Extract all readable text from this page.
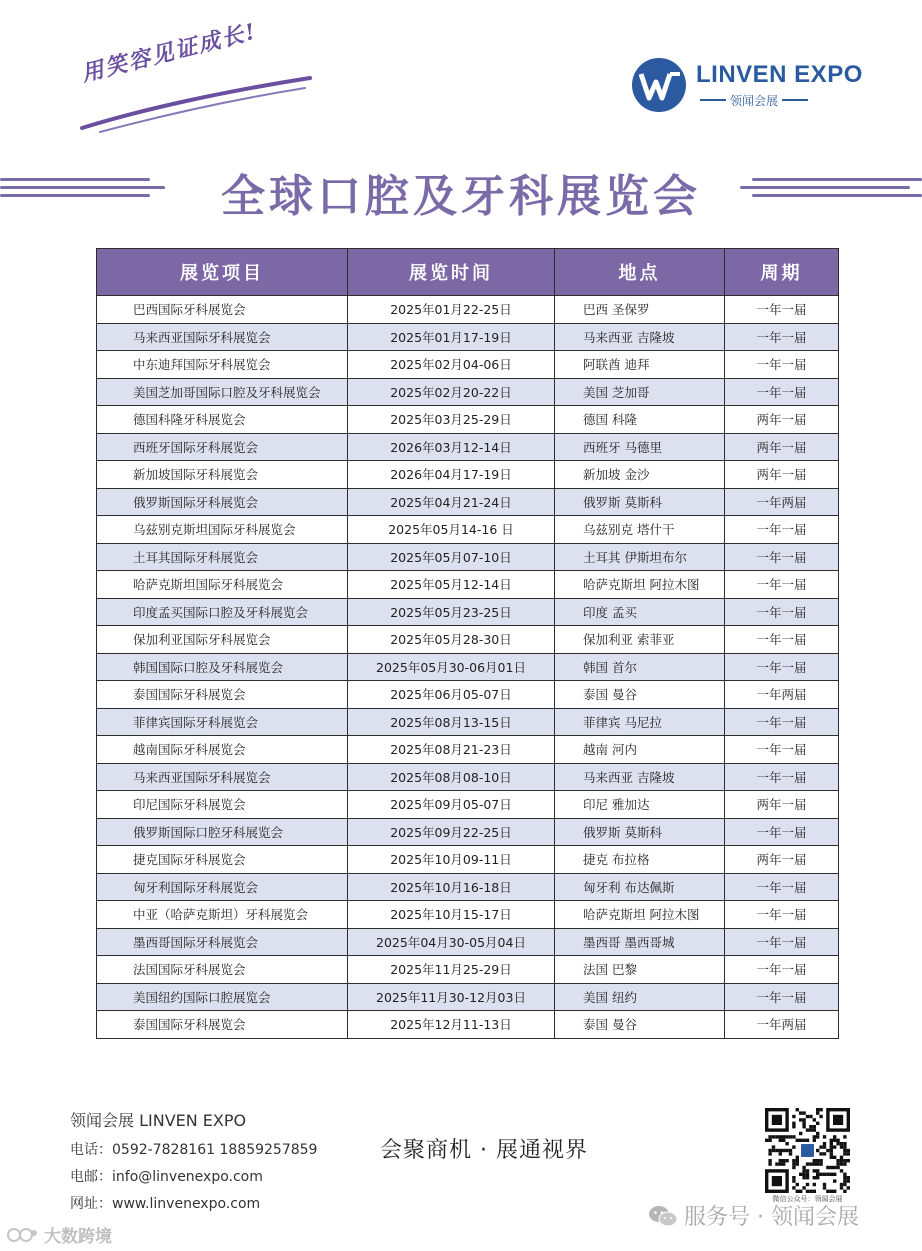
用笑容见证成长!	LINVEN EXPO
领闻会展
全球口腔及牙科展览会
展览项目	展览时间	地点	周期
巴西国际牙科展览会	2025年01月22-25日	巴西 圣保罗	一年一届
马来西亚国际牙科展览会	2025年01月17-19日	马来西亚 吉隆坡	一年一届
中东迪拜国际牙科展览会	2025年02月04-06日	阿联酋 迪拜	一年一届
美国芝加哥国际口腔及牙科展览会	2025年02月20-22日	美国 芝加哥	一年一届
德国科隆牙科展览会	2025年03月25-29日	德国 科隆	两年一届
西班牙国际牙科展览会	2026年03月12-14日	西班牙 马德里	两年一届
新加坡国际牙科展览会	2026年04月17-19日	新加坡 金沙	两年一届
俄罗斯国际牙科展览会	2025年04月21-24日	俄罗斯 莫斯科	一年两届
乌兹别克斯坦国际牙科展览会	2025年05月14-16 日	乌兹别克 塔什干	一年一届
土耳其国际牙科展览会	2025年05月07-10日	土耳其 伊斯坦布尔	一年一届
哈萨克斯坦国际牙科展览会	2025年05月12-14日	哈萨克斯坦 阿拉木图	一年一届
印度孟买国际口腔及牙科展览会	2025年05月23-25日	印度 孟买	一年一届
保加利亚国际牙科展览会	2025年05月28-30日	保加利亚 索菲亚	一年一届
韩国国际口腔及牙科展览会	2025年05月30-06月01日	韩国 首尔	一年一届
泰国国际牙科展览会	2025年06月05-07日	泰国 曼谷	一年两届
菲律宾国际牙科展览会	2025年08月13-15日	菲律宾 马尼拉	一年一届
越南国际牙科展览会	2025年08月21-23日	越南 河内	一年一届
马来西亚国际牙科展览会	2025年08月08-10日	马来西亚 吉隆坡	一年一届
印尼国际牙科展览会	2025年09月05-07日	印尼 雅加达	两年一届
俄罗斯国际口腔牙科展览会	2025年09月22-25日	俄罗斯 莫斯科	一年一届
捷克国际牙科展览会	2025年10月09-11日	捷克 布拉格	两年一届
匈牙利国际牙科展览会	2025年10月16-18日	匈牙利 布达佩斯	一年一届
中亚（哈萨克斯坦）牙科展览会	2025年10月15-17日	哈萨克斯坦 阿拉木图	一年一届
墨西哥国际牙科展览会	2025年04月30-05月04日	墨西哥 墨西哥城	一年一届
法国国际牙科展览会	2025年11月25-29日	法国 巴黎	一年一届
美国纽约国际口腔展览会	2025年11月30-12月03日	美国 纽约	一年一届
泰国国际牙科展览会	2025年12月11-13日	泰国 曼谷	一年两届
领闻会展 LINVEN EXPO
电话：0592-7828161 18859257859
电邮：info@linvenexpo.com
网址：www.linvenexpo.com
会聚商机 · 展通视界
微信公众号：领闻会展
服务号 · 领闻会展
大数跨境
